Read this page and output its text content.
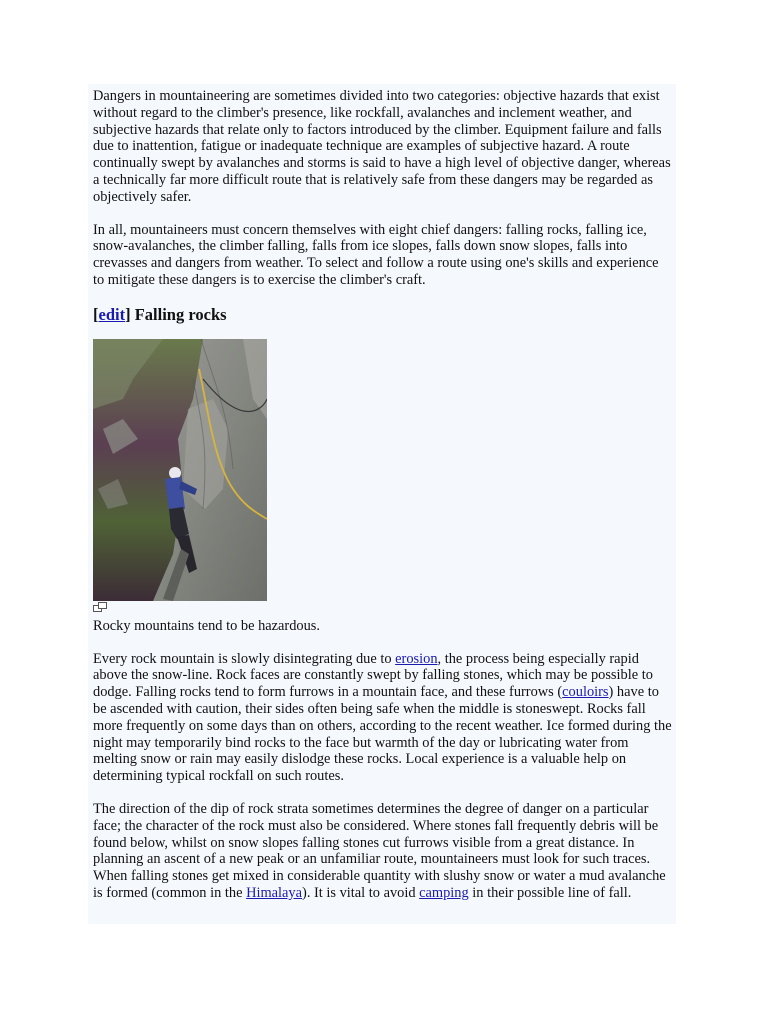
Dangers in mountaineering are sometimes divided into two categories: objective hazards that exist without regard to the climber's presence, like rockfall, avalanches and inclement weather, and subjective hazards that relate only to factors introduced by the climber. Equipment failure and falls due to inattention, fatigue or inadequate technique are examples of subjective hazard. A route continually swept by avalanches and storms is said to have a high level of objective danger, whereas a technically far more difficult route that is relatively safe from these dangers may be regarded as objectively safer.

In all, mountaineers must concern themselves with eight chief dangers: falling rocks, falling ice, snow-avalanches, the climber falling, falls from ice slopes, falls down snow slopes, falls into crevasses and dangers from weather. To select and follow a route using one's skills and experience to mitigate these dangers is to exercise the climber's craft.

[edit] Falling rocks

Rocky mountains tend to be hazardous.

Every rock mountain is slowly disintegrating due to erosion, the process being especially rapid above the snow-line. Rock faces are constantly swept by falling stones, which may be possible to dodge. Falling rocks tend to form furrows in a mountain face, and these furrows (couloirs) have to be ascended with caution, their sides often being safe when the middle is stoneswept. Rocks fall more frequently on some days than on others, according to the recent weather. Ice formed during the night may temporarily bind rocks to the face but warmth of the day or lubricating water from melting snow or rain may easily dislodge these rocks. Local experience is a valuable help on determining typical rockfall on such routes.

The direction of the dip of rock strata sometimes determines the degree of danger on a particular face; the character of the rock must also be considered. Where stones fall frequently debris will be found below, whilst on snow slopes falling stones cut furrows visible from a great distance. In planning an ascent of a new peak or an unfamiliar route, mountaineers must look for such traces. When falling stones get mixed in considerable quantity with slushy snow or water a mud avalanche is formed (common in the Himalaya). It is vital to avoid camping in their possible line of fall.
